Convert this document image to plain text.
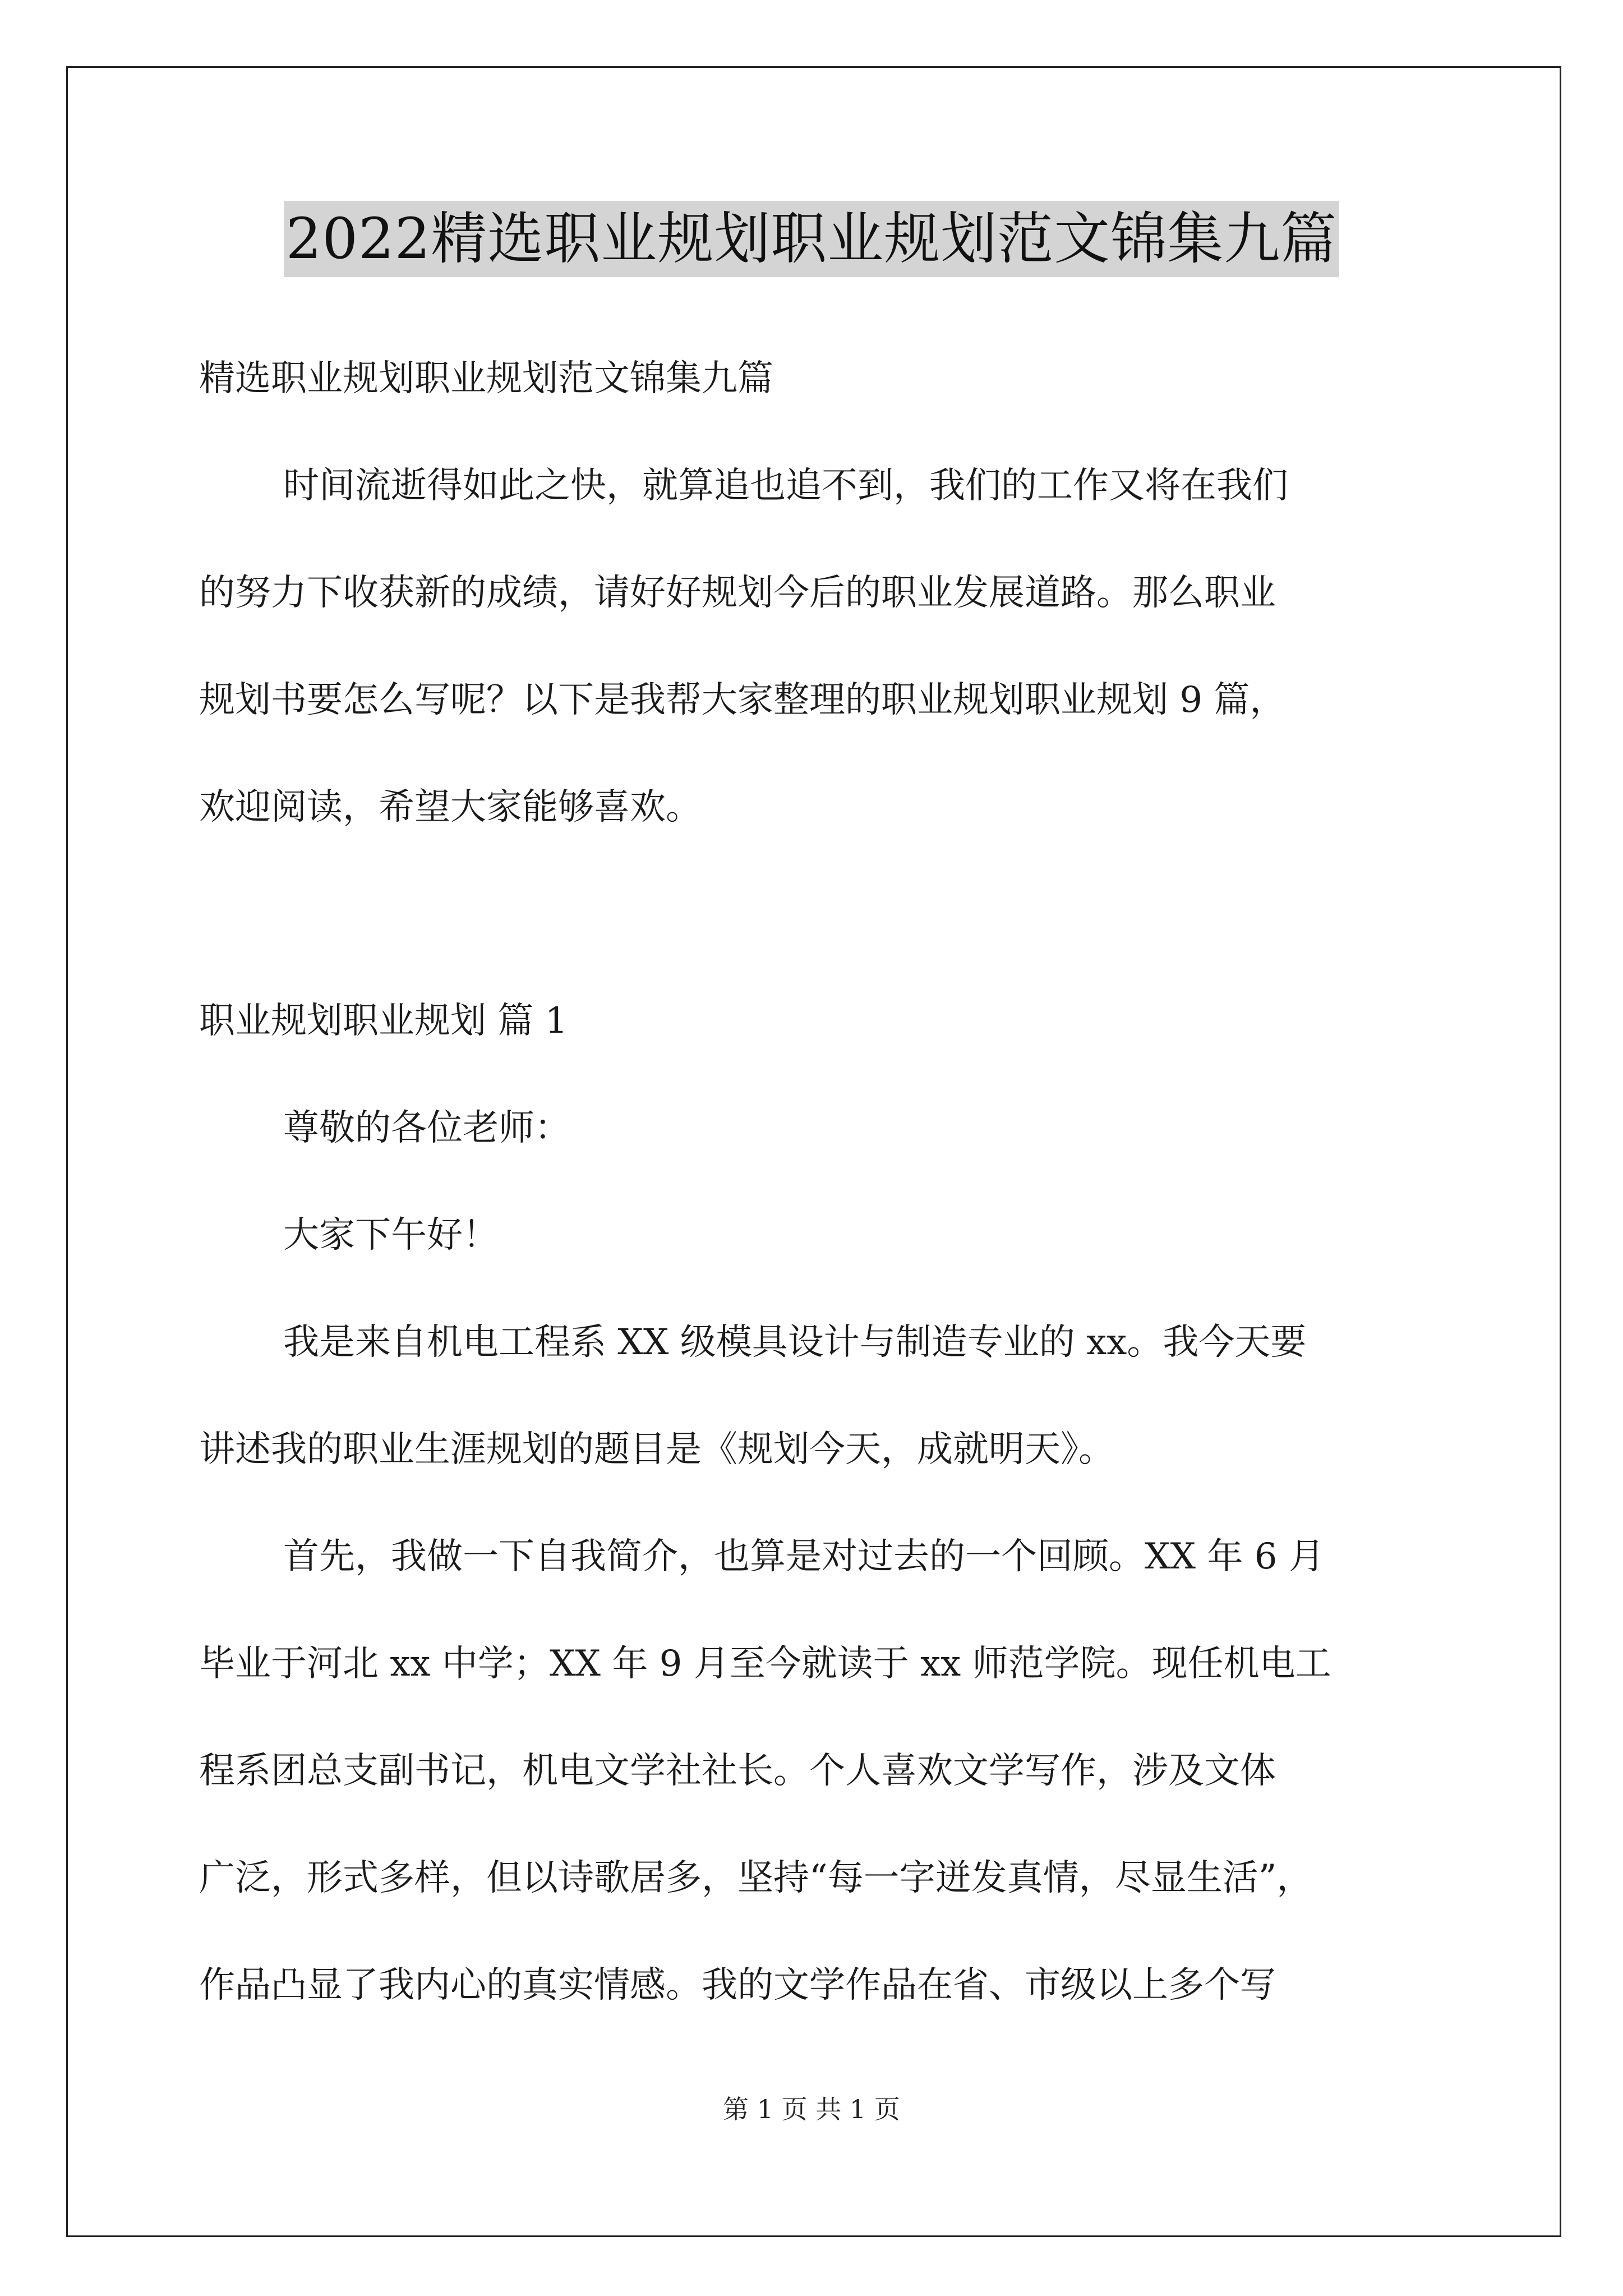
2022精选职业规划职业规划范文锦集九篇
精选职业规划职业规划范文锦集九篇
时间流逝得如此之快，就算追也追不到，我们的工作又将在我们
的努力下收获新的成绩，请好好规划今后的职业发展道路。那么职业
规划书要怎么写呢？以下是我帮大家整理的职业规划职业规划 9 篇，
欢迎阅读，希望大家能够喜欢。
职业规划职业规划 篇 1
尊敬的各位老师：
大家下午好！
我是来自机电工程系 XX 级模具设计与制造专业的 xx。我今天要
讲述我的职业生涯规划的题目是《规划今天，成就明天》。
首先，我做一下自我简介，也算是对过去的一个回顾。XX 年 6 月
毕业于河北 xx 中学；XX 年 9 月至今就读于 xx 师范学院。现任机电工
程系团总支副书记，机电文学社社长。个人喜欢文学写作，涉及文体
广泛，形式多样，但以诗歌居多，坚持“每一字迸发真情，尽显生活”，
作品凸显了我内心的真实情感。我的文学作品在省、市级以上多个写
第 1 页 共 1 页
